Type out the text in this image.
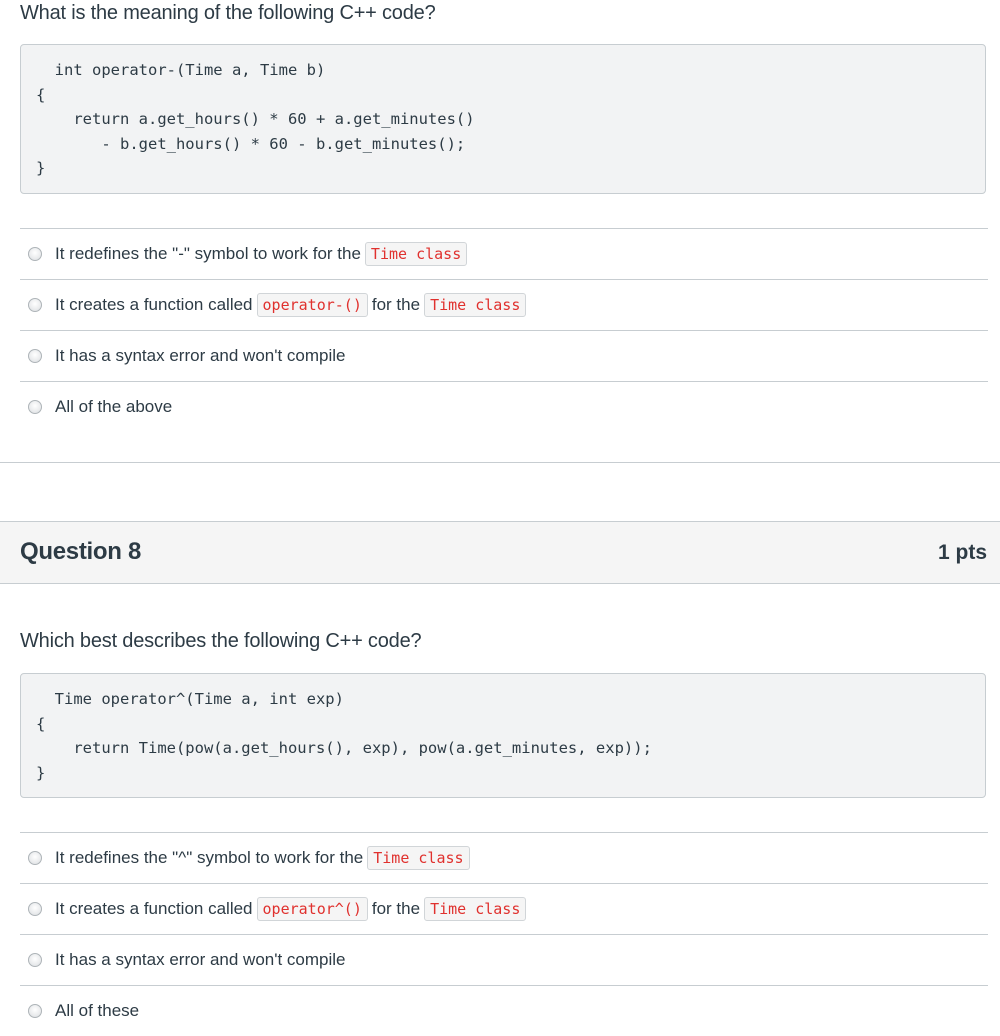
What is the meaning of the following C++ code?
int operator-(Time a, Time b)
{
return a.get_hours() * 60 + a.get_minutes()
- b.get_hours() * 60 - b.get_minutes();
}
It redefines the "-" symbol to work for the Time class
It creates a function called operator-() for the Time class
It has a syntax error and won't compile
All of the above
Question 8	1 pts
Which best describes the following C++ code?
Time operator^(Time a, int exp)
{
return Time(pow(a.get_hours(), exp), pow(a.get_minutes, exp));
}
It redefines the "^" symbol to work for the Time class
It creates a function called operator^() for the Time class
It has a syntax error and won't compile
All of these
